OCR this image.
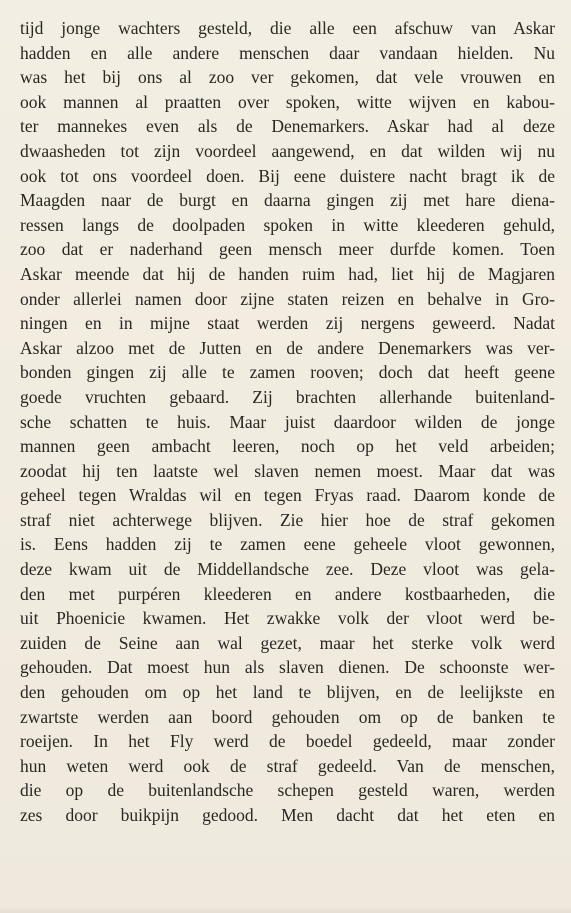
tijd jonge wachters gesteld, die alle een afschuw van Askar
hadden en alle andere menschen daar vandaan hielden. Nu
was het bij ons al zoo ver gekomen, dat vele vrouwen en
ook mannen al praatten over spoken, witte wijven en kabou-
ter mannekes even als de Denemarkers. Askar had al deze
dwaasheden tot zijn voordeel aangewend, en dat wilden wij nu
ook tot ons voordeel doen. Bij eene duistere nacht bragt ik de
Maagden naar de burgt en daarna gingen zij met hare diena-
ressen langs de doolpaden spoken in witte kleederen gehuld,
zoo dat er naderhand geen mensch meer durfde komen. Toen
Askar meende dat hij de handen ruim had, liet hij de Magjaren
onder allerlei namen door zijne staten reizen en behalve in Gro-
ningen en in mijne staat werden zij nergens geweerd. Nadat
Askar alzoo met de Jutten en de andere Denemarkers was ver-
bonden gingen zij alle te zamen rooven; doch dat heeft geene
goede vruchten gebaard. Zij brachten allerhande buitenland-
sche schatten te huis. Maar juist daardoor wilden de jonge
mannen geen ambacht leeren, noch op het veld arbeiden;
zoodat hij ten laatste wel slaven nemen moest. Maar dat was
geheel tegen Wraldas wil en tegen Fryas raad. Daarom konde de
straf niet achterwege blijven. Zie hier hoe de straf gekomen
is. Eens hadden zij te zamen eene geheele vloot gewonnen,
deze kwam uit de Middellandsche zee. Deze vloot was gela-
den met purpéren kleederen en andere kostbaarheden, die
uit Phoenicie kwamen. Het zwakke volk der vloot werd be-
zuiden de Seine aan wal gezet, maar het sterke volk werd
gehouden. Dat moest hun als slaven dienen. De schoonste wer-
den gehouden om op het land te blijven, en de leelijkste en
zwartste werden aan boord gehouden om op de banken te
roeijen. In het Fly werd de boedel gedeeld, maar zonder
hun weten werd ook de straf gedeeld. Van de menschen,
die op de buitenlandsche schepen gesteld waren, werden
zes door buikpijn gedood. Men dacht dat het eten en
